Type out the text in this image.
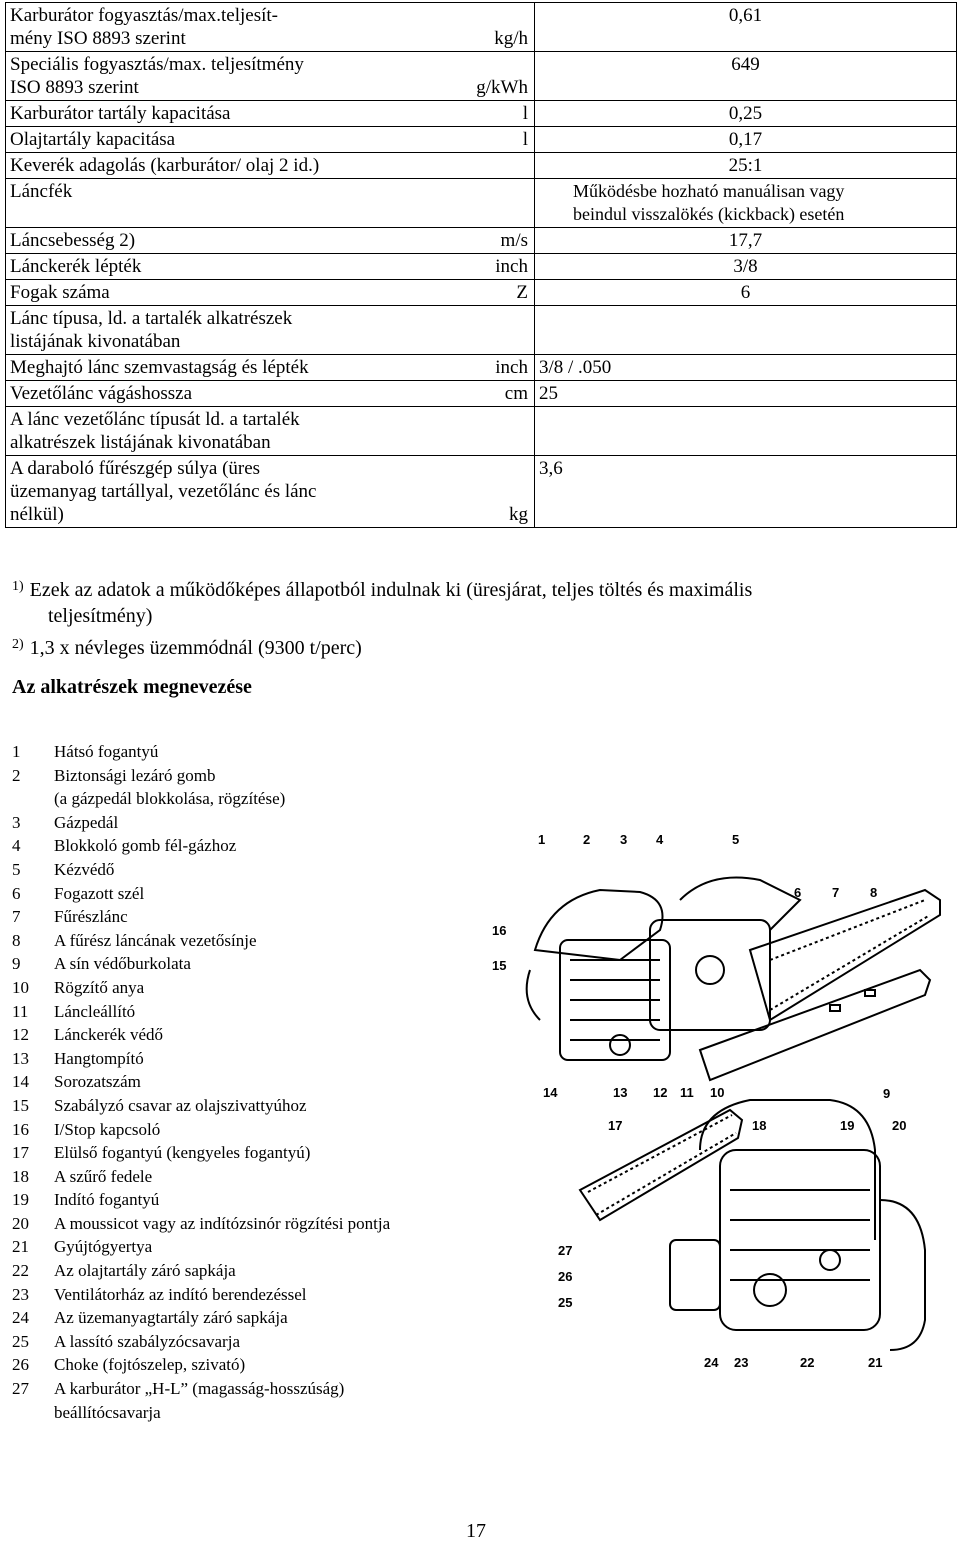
Karburátor fogyasztás/max.teljesít-
mény ISO 8893 szerint kg/h	0,61
Speciális fogyasztás/max. teljesítmény
ISO 8893 szerint g/kWh	649
Karburátor tartály kapacitása l	0,25
Olajtartály kapacitása l	0,17
Keverék adagolás (karburátor/ olaj 2 id.)	25:1
Láncfék	Működésbe hozható manuálisan vagy
beindul visszalökés (kickback) esetén
Láncsebesség 2) m/s	17,7
Lánckerék lépték inch	3/8
Fogak száma Z	6
Lánc típusa, ld. a tartalék alkatrészek
listájának kivonatában	
Meghajtó lánc szemvastagság és lépték inch	3/8 / .050
Vezetőlánc vágáshossza cm	25
A lánc vezetőlánc típusát ld. a tartalék
alkatrészek listájának kivonatában	
A daraboló fűrészgép súlya (üres
üzemanyag tartállyal, vezetőlánc és lánc
nélkül) kg	3,6
$^{1)}$ Ezek az adatok a működőképes állapotból indulnak ki (üresjárat, teljes töltés és maximális
teljesítmény)
$^{2)}$ 1,3 x névleges üzemmódnál (9300 t/perc)
Az alkatrészek megnevezése
1	Hátsó fogantyú
2	Biztonsági lezáró gomb
(a gázpedál blokkolása, rögzítése)
3	Gázpedál
4	Blokkoló gomb fél-gázhoz
5	Kézvédő
6	Fogazott szél
7	Fűrészlánc
8	A fűrész láncának vezetősínje
9	A sín védőburkolata
10	Rögzítő anya
11	Láncleállító
12	Lánckerék védő
13	Hangtompító
14	Sorozatszám
15	Szabályzó csavar az olajszivattyúhoz
16	I/Stop kapcsoló
17	Elülső fogantyú (kengyeles fogantyú)
18	A szűrő fedele
19	Indító fogantyú
20	A moussicot vagy az indítózsinór rögzítési pontja
21	Gyújtógyertya
22	Az olajtartály záró sapkája
23	Ventilátorház az indító berendezéssel
24	Az üzemanyagtartály záró sapkája
25	A lassító szabályzócsavarja
26	Choke (fojtószelep, szivató)
27	A karburátor „H-L” (magasság-hosszúság)
beállítócsavarja
1	2 3 4	5
6 7 8
16
15
14	13 12 11 10	9
17	18	19	20
27
26
25
24 23	22	21
17
